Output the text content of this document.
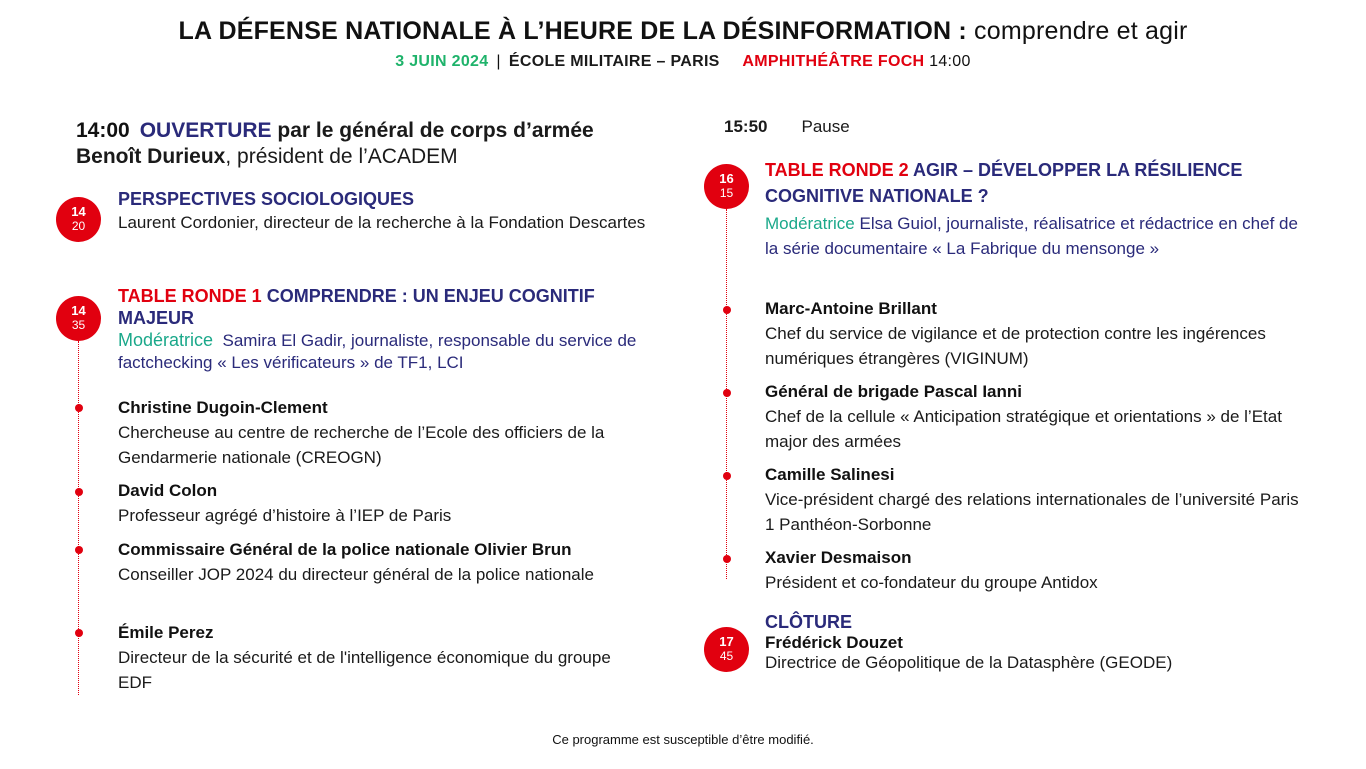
LA DÉFENSE NATIONALE À L’HEURE DE LA DÉSINFORMATION : comprendre et agir
3 JUIN 2024 | ÉCOLE MILITAIRE – PARIS AMPHITHÉÂTRE FOCH 14:00
14:00 OUVERTURE par le général de corps d’armée Benoît Durieux, président de l’ACADEM
14
20
PERSPECTIVES SOCIOLOGIQUES
Laurent Cordonier, directeur de la recherche à la Fondation Descartes
14
35
TABLE RONDE 1 COMPRENDRE : UN ENJEU COGNITIF MAJEUR
Modératrice Samira El Gadir, journaliste, responsable du service de factchecking « Les vérificateurs » de TF1, LCI
Christine Dugoin-Clement
Chercheuse au centre de recherche de l’Ecole des officiers de la Gendarmerie nationale (CREOGN)
David Colon
Professeur agrégé d’histoire à l’IEP de Paris
Commissaire Général de la police nationale Olivier Brun
Conseiller JOP 2024 du directeur général de la police nationale
Émile Perez
Directeur de la sécurité et de l'intelligence économique du groupe EDF
15:50 Pause
16
15
TABLE RONDE 2 AGIR – DÉVELOPPER LA RÉSILIENCE COGNITIVE NATIONALE ?
Modératrice Elsa Guiol, journaliste, réalisatrice et rédactrice en chef de la série documentaire « La Fabrique du mensonge »
Marc-Antoine Brillant
Chef du service de vigilance et de protection contre les ingérences numériques étrangères (VIGINUM)
Général de brigade Pascal Ianni
Chef de la cellule « Anticipation stratégique et orientations » de l’Etat major des armées
Camille Salinesi
Vice-président chargé des relations internationales de l’université Paris 1 Panthéon-Sorbonne
Xavier Desmaison
Président et co-fondateur du groupe Antidox
17
45
CLÔTURE
Frédérick Douzet
Directrice de Géopolitique de la Datasphère (GEODE)
Ce programme est susceptible d’être modifié.
